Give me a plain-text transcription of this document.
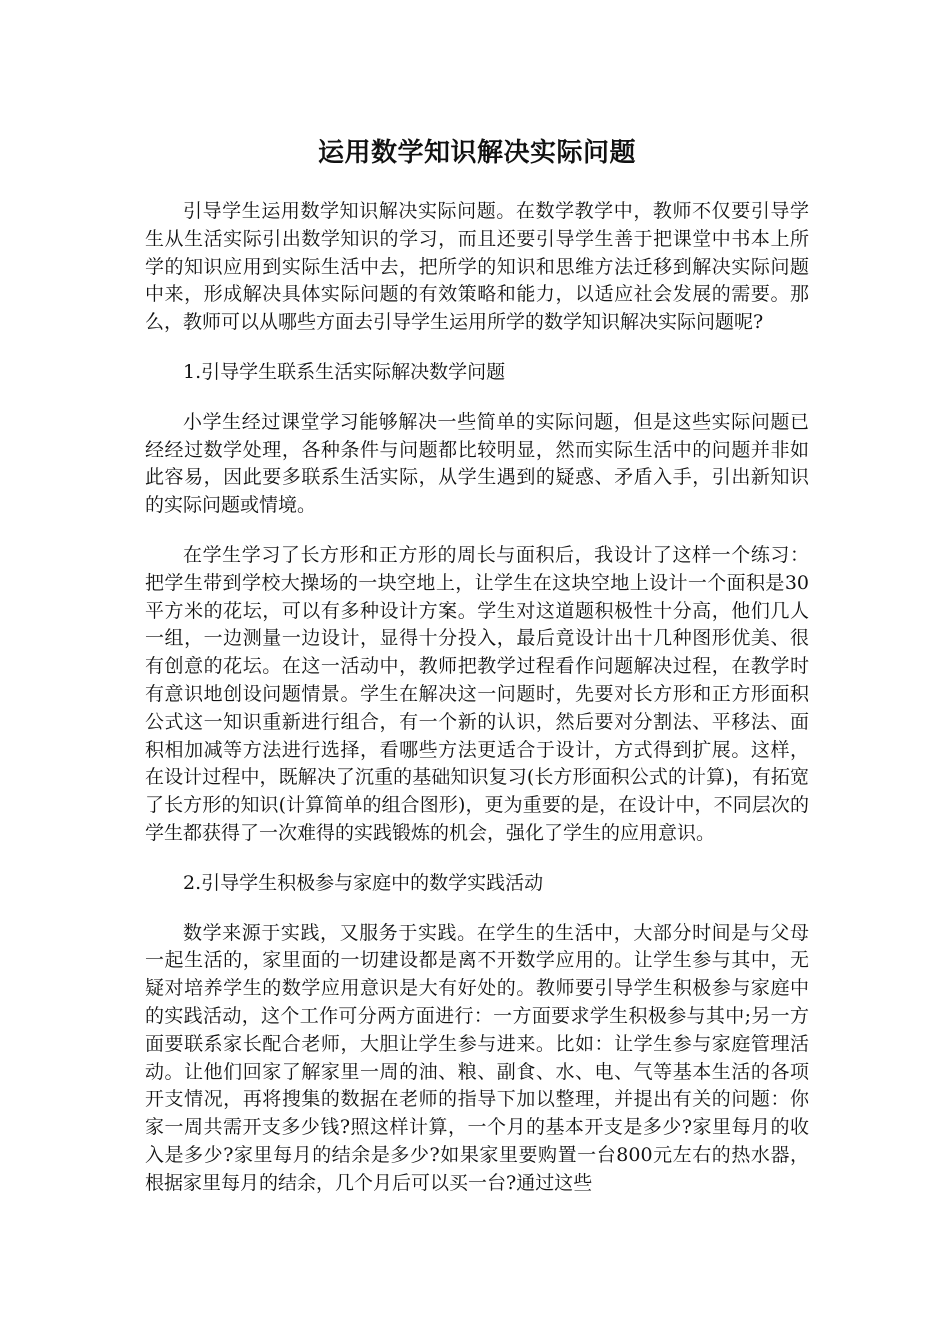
运用数学知识解决实际问题

引导学生运用数学知识解决实际问题。在数学教学中，教师不仅要引导学生从生活实际引出数学知识的学习，而且还要引导学生善于把课堂中书本上所学的知识应用到实际生活中去，把所学的知识和思维方法迁移到解决实际问题中来，形成解决具体实际问题的有效策略和能力，以适应社会发展的需要。那么，教师可以从哪些方面去引导学生运用所学的数学知识解决实际问题呢?

1.引导学生联系生活实际解决数学问题

小学生经过课堂学习能够解决一些简单的实际问题，但是这些实际问题已经经过数学处理，各种条件与问题都比较明显，然而实际生活中的问题并非如此容易，因此要多联系生活实际，从学生遇到的疑惑、矛盾入手，引出新知识的实际问题或情境。

在学生学习了长方形和正方形的周长与面积后，我设计了这样一个练习：把学生带到学校大操场的一块空地上，让学生在这块空地上设计一个面积是30平方米的花坛，可以有多种设计方案。学生对这道题积极性十分高，他们几人一组，一边测量一边设计，显得十分投入，最后竟设计出十几种图形优美、很有创意的花坛。在这一活动中，教师把教学过程看作问题解决过程，在教学时有意识地创设问题情景。学生在解决这一问题时，先要对长方形和正方形面积公式这一知识重新进行组合，有一个新的认识，然后要对分割法、平移法、面积相加减等方法进行选择，看哪些方法更适合于设计，方式得到扩展。这样，在设计过程中，既解决了沉重的基础知识复习(长方形面积公式的计算)，有拓宽了长方形的知识(计算简单的组合图形)，更为重要的是，在设计中，不同层次的学生都获得了一次难得的实践锻炼的机会，强化了学生的应用意识。

2.引导学生积极参与家庭中的数学实践活动

数学来源于实践，又服务于实践。在学生的生活中，大部分时间是与父母一起生活的，家里面的一切建设都是离不开数学应用的。让学生参与其中，无疑对培养学生的数学应用意识是大有好处的。教师要引导学生积极参与家庭中的实践活动，这个工作可分两方面进行：一方面要求学生积极参与其中;另一方面要联系家长配合老师，大胆让学生参与进来。比如：让学生参与家庭管理活动。让他们回家了解家里一周的油、粮、副食、水、电、气等基本生活的各项开支情况，再将搜集的数据在老师的指导下加以整理，并提出有关的问题：你家一周共需开支多少钱?照这样计算，一个月的基本开支是多少?家里每月的收入是多少?家里每月的结余是多少?如果家里要购置一台800元左右的热水器，根据家里每月的结余，几个月后可以买一台?通过这些
